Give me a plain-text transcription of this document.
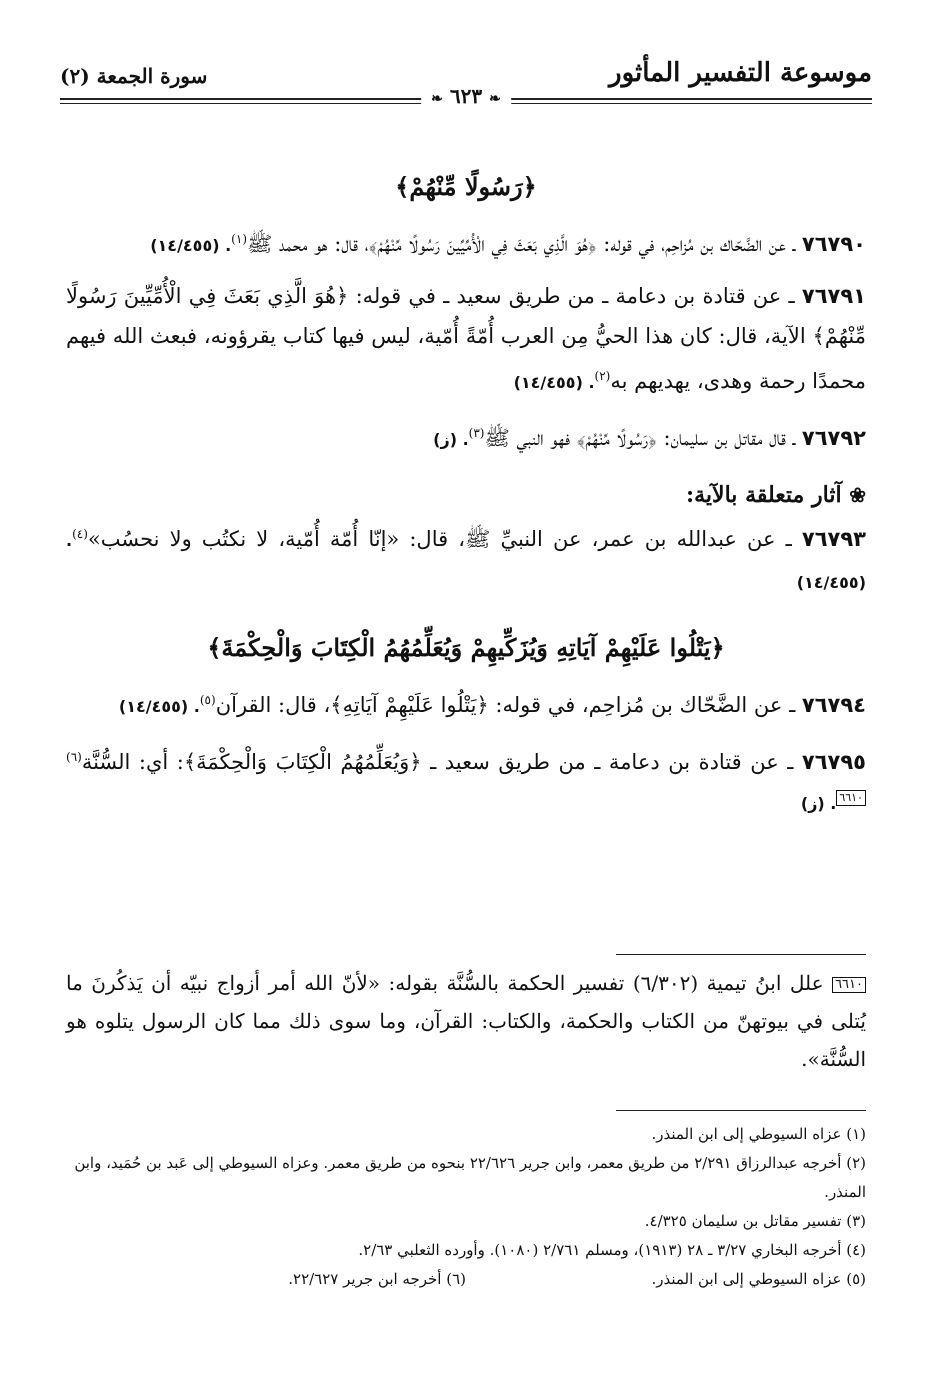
موسوعة التفسير المأثور
سورة الجمعة (٢)
❧ ٦٢٣ ❧
﴿رَسُولًا مِّنْهُمْ﴾

٧٦٧٩٠ ـ عن الضَّحّاك بن مُزاحِم، في قوله: ﴿هُوَ الَّذِي بَعَثَ فِي الْأُمِّيِّينَ رَسُولًا مِّنْهُمْ﴾، قال: هو محمد ﷺ$^{(١)}$. (١٤/٤٥٥)

٧٦٧٩١ ـ عن قتادة بن دعامة ـ من طريق سعيد ـ في قوله: ﴿هُوَ الَّذِي بَعَثَ فِي الْأُمِّيِّينَ رَسُولًا مِّنْهُمْ﴾ الآية، قال: كان هذا الحيُّ مِن العرب أُمّةً أُمّية، ليس فيها كتاب يقرؤونه، فبعث الله فيهم محمدًا رحمة وهدى، يهديهم به$^{(٢)}$. (١٤/٤٥٥)

٧٦٧٩٢ ـ قال مقاتل بن سليمان: ﴿رَسُولًا مِّنْهُمْ﴾ فهو النبي ﷺ$^{(٣)}$. (ز)

❀ آثار متعلقة بالآية:

٧٦٧٩٣ ـ عن عبدالله بن عمر، عن النبيِّ ﷺ، قال: «إنّا أُمّة أُمّية، لا نكتُب ولا نحسُب»$^{(٤)}$. (١٤/٤٥٥)

﴿يَتْلُوا عَلَيْهِمْ آيَاتِهِ وَيُزَكِّيهِمْ وَيُعَلِّمُهُمُ الْكِتَابَ وَالْحِكْمَةَ﴾

٧٦٧٩٤ ـ عن الضَّحّاك بن مُزاحِم، في قوله: ﴿يَتْلُوا عَلَيْهِمْ آيَاتِهِ﴾، قال: القرآن$^{(٥)}$. (١٤/٤٥٥)

٧٦٧٩٥ ـ عن قتادة بن دعامة ـ من طريق سعيد ـ ﴿وَيُعَلِّمُهُمُ الْكِتَابَ وَالْحِكْمَةَ﴾: أي: السُّنَّة$^{(٦)}$٦٦١٠. (ز)

٦٦١٠ علل ابنُ تيمية (٦/٣٠٢) تفسير الحكمة بالسُّنَّة بقوله: «لأنّ الله أمر أزواج نبيّه أن يَذكُرنَ ما يُتلى في بيوتهنّ من الكتاب والحكمة، والكتاب: القرآن، وما سوى ذلك مما كان الرسول يتلوه هو السُّنَّة».

(١) عزاه السيوطي إلى ابن المنذر.

(٢) أخرجه عبدالرزاق ٢/٢٩١ من طريق معمر، وابن جرير ٢٢/٦٢٦ بنحوه من طريق معمر. وعزاه السيوطي إلى عَبد بن حُمَيد، وابن المنذر.

(٣) تفسير مقاتل بن سليمان ٤/٣٢٥.

(٤) أخرجه البخاري ٣/٢٧ ـ ٢٨ (١٩١٣)، ومسلم ٢/٧٦١ (١٠٨٠). وأورده الثعلبي ٢/٦٣.

(٥) عزاه السيوطي إلى ابن المنذر.

(٦) أخرجه ابن جرير ٢٢/٦٢٧.
